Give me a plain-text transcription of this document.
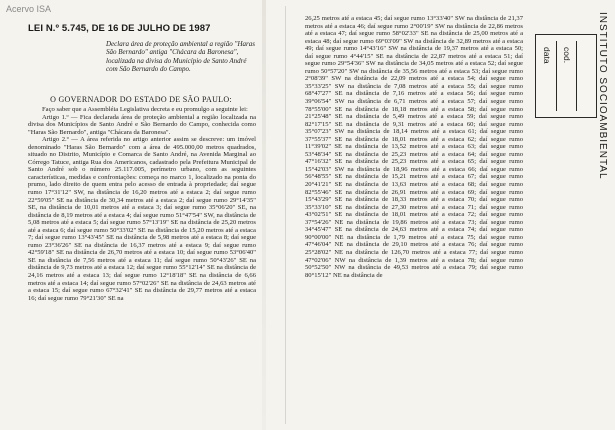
Acervo ISA
LEI N.º 5.745, DE 16 DE JULHO DE 1987
Declara área de proteção ambiental a região "Haras São Bernardo" antiga "Chácara da Baronesa", localizada na divisa do Município de Santo André com São Bernardo do Campo.
O GOVERNADOR DO ESTADO DE SÃO PAULO:

Faço saber que a Assembléia Legislativa decreta e eu promulgo a seguinte lei:

Artigo 1.º — Fica declarada área de proteção ambiental a região localizada na divisa dos Municípios de Santo André e São Bernardo do Campo, conhecida como "Haras São Bernardo", antiga "Chácara da Baronesa".

Artigo 2.º — A área referida no artigo anterior assim se descreve: um imóvel denominado "Haras São Bernardo" com a área de 495.000,00 metros quadrados, situado no Distrito, Município e Comarca de Santo André, na Avenida Marginal ao Córrego Tatuce, antiga Rua dos Americanos, cadastrado pela Prefeitura Municipal de Santo André sob o número 25.117.005, perímetro urbano, com as seguintes características, medidas e confrontações: começa no marco 1, localizado na ponta do prumo, lado direito de quem entra pelo acesso de entrada à propriedade; daí segue rumo 17°31'12" SW, na distância de 16,20 metros até a estaca 2; daí segue rumo 22°59'05" SE na distância de 30,34 metros até a estaca 2; daí segue rumo 29°14'35" SE, na distância de 10,01 metros até a estaca 3; daí segue rumo 35°06'20" SE, na distância de 8,19 metros até a estaca 4; daí segue rumo 51°47'54" SW, na distância de 5,08 metros até a estaca 5; daí segue rumo 57°13'19" SE na distância de 25,20 metros até a estaca 6; daí segue rumo 50°33'02" SE na distância de 15,20 metros até a estaca 7; daí segue rumo 13°43'45" SE na distância de 5,98 metros até a estaca 8; daí segue rumo 23°36'26" SE na distância de 16,37 metros até a estaca 9; daí segue rumo 42°59'18" SE na distância de 26,70 metros até a estaca 10; daí segue rumo 53°06'40" SE na distância de 7,56 metros até a estaca 11; daí segue rumo 50°43'26" SE na distância de 9,73 metros até a estaca 12; daí segue rumo 55°12'14" SE na distância de 24,16 metros até a estaca 13; daí segue rumo 12°18'18" SE na distância de 6,66 metros até a estaca 14; daí segue rumo 57°02'26" SE na distância de 24,63 metros até a estaca 15; daí segue rumo 67°32'41" SE na distância de 29,77 metros até a estaca 16; daí segue rumo 79°21'30" SE na

26,25 metros até a estaca 45; daí segue rumo 13°33'40" SW na distância de 21,37 metros até a estaca 46; daí segue rumo 2°00'19" SW na distância de 22,86 metros até a estaca 47; daí segue rumo 58°02'33" SE na distância de 25,00 metros até a estaca 48; daí segue rumo 69°03'09" SW na distância de 32,89 metros até a estaca 49; daí segue rumo 14°43'16" SW na distância de 19,37 metros até a estaca 50; daí segue rumo 4°44'15" SE na distância de 22,87 metros até a estaca 51; daí segue rumo 29°54'36" SW na distância de 34,05 metros até a estaca 52; daí segue rumo 50°57'20" SW na distância de 35,56 metros até a estaca 53; daí segue rumo 2°08'39" SW na distância de 22,09 metros até a estaca 54; daí segue rumo 35°33'25" SW na distância de 7,08 metros até a estaca 55; daí segue rumo 68°47'27" SE na distância de 7,16 metros até a estaca 56; daí segue rumo 39°06'54" SW na distância de 6,71 metros até a estaca 57; daí segue rumo 78°55'00" SE na distância de 18,18 metros até a estaca 58; daí segue rumo 21°25'48" SE na distância de 5,49 metros até a estaca 59; daí segue rumo 82°17'15" SE na distância de 9,31 metros até a estaca 60; daí segue rumo 35°07'23" SW na distância de 18,14 metros até a estaca 61; daí segue rumo 37°55'37" SE na distância de 18,01 metros até a estaca 62; daí segue rumo 11°39'02" SE na distância de 13,52 metros até a estaca 63; daí segue rumo 53°48'34" SE na distância de 25,23 metros até a estaca 64; daí segue rumo 47°16'32" SE na distância de 25,23 metros até a estaca 65; daí segue rumo 15°42'03" SW na distância de 18,96 metros até a estaca 66; daí segue rumo 56°48'55" SE na distância de 15,21 metros até a estaca 67; daí segue rumo 20°41'21" SE na distância de 13,63 metros até a estaca 68; daí segue rumo 82°55'46" SE na distância de 26,91 metros até a estaca 69; daí segue rumo 15°43'29" SE na distância de 18,33 metros até a estaca 70; daí segue rumo 35°33'10" SE na distância de 27,30 metros até a estaca 71; daí segue rumo 43°02'51" SE na distância de 18,01 metros até a estaca 72; daí segue rumo 37°54'26" NE na distância de 19,86 metros até a estaca 73; daí segue rumo 34°45'47" SE na distância de 24,63 metros até a estaca 74; daí segue rumo 90°00'00" NE na distância de 1,79 metros até a estaca 75; daí segue rumo 47°46'04" NE na distância de 29,10 metros até a estaca 76; daí segue rumo 25°28'02" NE na distância de 126,70 metros até a estaca 77; daí segue rumo 47°02'06" NW na distância de 1,39 metros até a estaca 78; daí segue rumo 50°52'50" NW na distância de 49,53 metros até a estaca 79; daí segue rumo 80°15'12" NE na distância de

data cod.	INSTITUTO SOCIOAMBIENTAL
